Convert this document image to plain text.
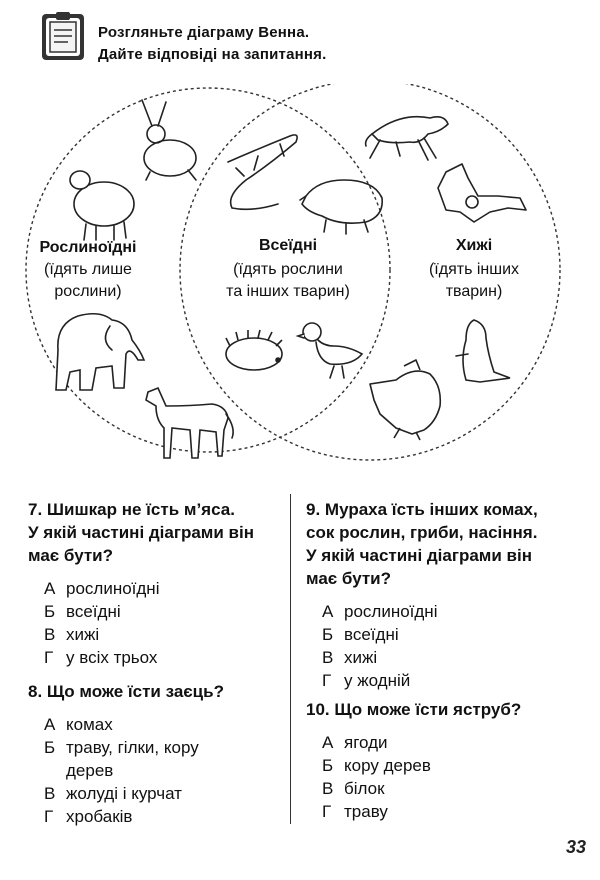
Розгляньте діаграму Венна.
Дайте відповіді на запитання.
Рослиноїдні
(їдять лише
рослини)
Всеїдні
(їдять рослини
та інших тварин)
Хижі
(їдять інших
тварин)
7. Шишкар не їсть м’яса.
У якій частині діаграми він
має бути?
А рослиноїдні
Б всеїдні
В хижі
Г у всіх трьох
8. Що може їсти заєць?
А комах
Б траву, гілки, кору
дерев
В жолуді і курчат
Г хробаків
9. Мураха їсть інших комах,
сок рослин, гриби, насіння.
У якій частині діаграми він
має бути?
А рослиноїдні
Б всеїдні
В хижі
Г у жодній
10. Що може їсти яструб?
А ягоди
Б кору дерев
В білок
Г траву
33
